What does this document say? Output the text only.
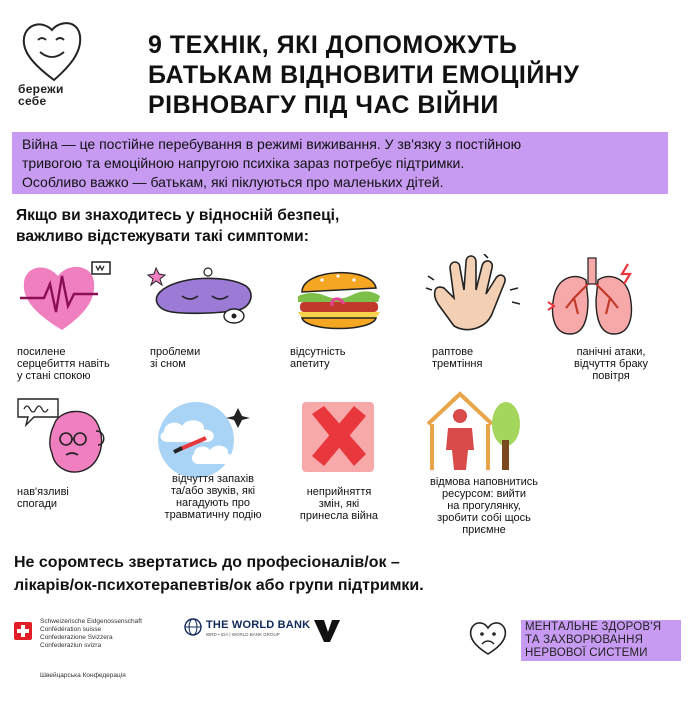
бережи
себе
9 ТЕХНІК, ЯКІ ДОПОМОЖУТЬ
БАТЬКАМ ВІДНОВИТИ ЕМОЦІЙНУ
РІВНОВАГУ ПІД ЧАС ВІЙНИ
Війна — це постійне перебування в режимі виживання. У зв'язку з постійною
тривогою та емоційною напругою психіка зараз потребує підтримки.
Особливо важко — батькам, які піклуються про маленьких дітей.
Якщо ви знаходитесь у відносній безпеці,
важливо відстежувати такі симптоми:
посилене
серцебиття навіть
у стані спокою
проблеми
зі сном
відсутність
апетиту
раптове
тремтіння
панічні атаки,
відчуття браку
повітря
нав'язливі
спогади
відчуття запахів
та/або звуків, які
нагадують про
травматичну подію
неприйняття
змін, які
принесла війна
відмова наповнитись
ресурсом: вийти
на прогулянку,
зробити собі щось
приємне
Не соромтесь звертатись до професіоналів/ок –
лікарів/ок-психотерапевтів/ок або групи підтримки.
Schweizerische Eidgenossenschaft
Confédération suisse
Confederazione Svizzera
Confederaziun svizra
Швейцарська Конфедерація
THE WORLD BANK
IBRD • IDA | WORLD BANK GROUP
МЕНТАЛЬНЕ ЗДОРОВ'Я
ТА ЗАХВОРЮВАННЯ
НЕРВОВОЇ СИСТЕМИ
